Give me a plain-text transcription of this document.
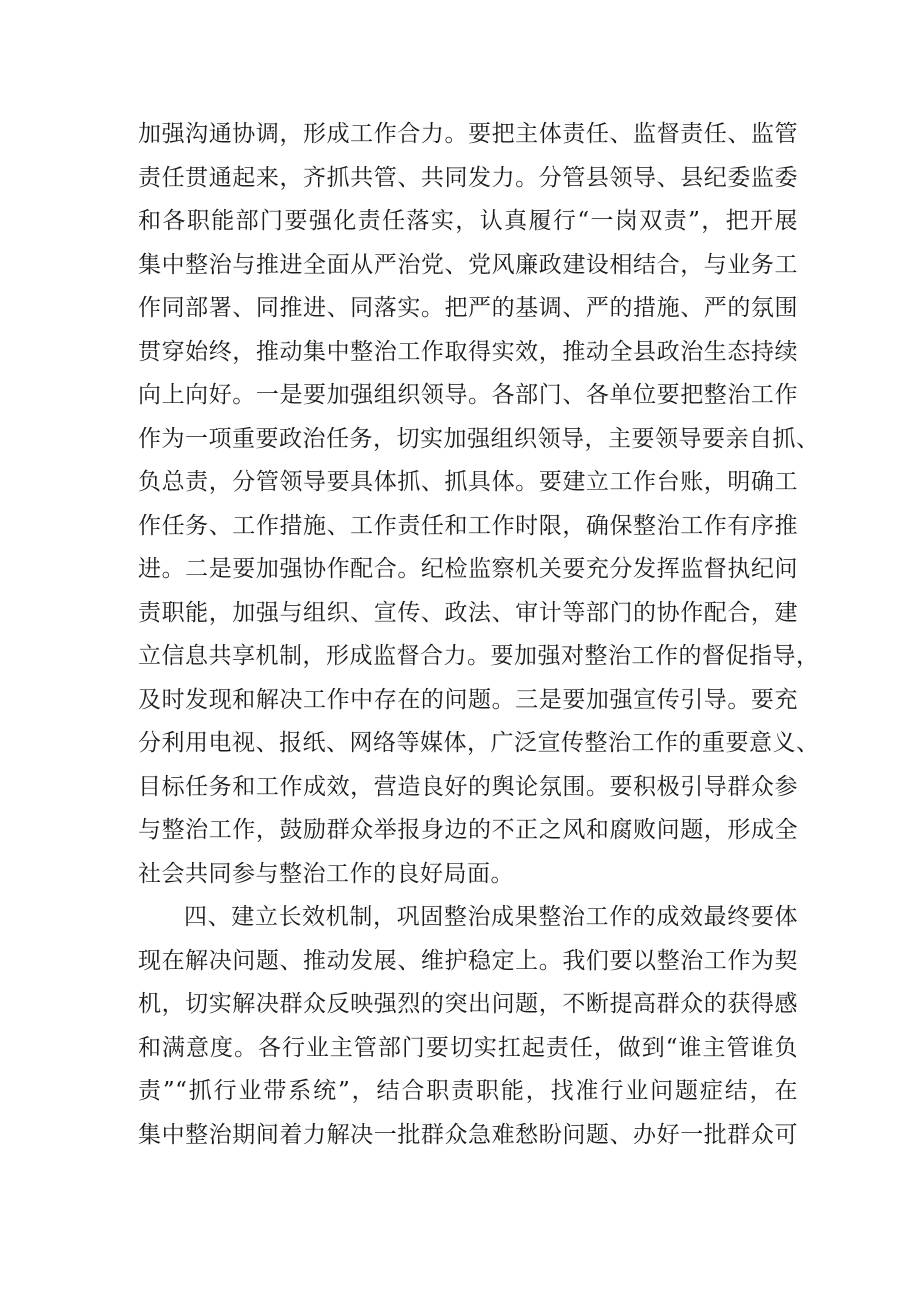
加强沟通协调，形成工作合力。要把主体责任、监督责任、监管
责任贯通起来，齐抓共管、共同发力。分管县领导、县纪委监委
和各职能部门要强化责任落实，认真履行“一岗双责”，把开展
集中整治与推进全面从严治党、党风廉政建设相结合，与业务工
作同部署、同推进、同落实。把严的基调、严的措施、严的氛围
贯穿始终，推动集中整治工作取得实效，推动全县政治生态持续
向上向好。一是要加强组织领导。各部门、各单位要把整治工作
作为一项重要政治任务，切实加强组织领导，主要领导要亲自抓、
负总责，分管领导要具体抓、抓具体。要建立工作台账，明确工
作任务、工作措施、工作责任和工作时限，确保整治工作有序推
进。二是要加强协作配合。纪检监察机关要充分发挥监督执纪问
责职能，加强与组织、宣传、政法、审计等部门的协作配合，建
立信息共享机制，形成监督合力。要加强对整治工作的督促指导，
及时发现和解决工作中存在的问题。三是要加强宣传引导。要充
分利用电视、报纸、网络等媒体，广泛宣传整治工作的重要意义、
目标任务和工作成效，营造良好的舆论氛围。要积极引导群众参
与整治工作，鼓励群众举报身边的不正之风和腐败问题，形成全
社会共同参与整治工作的良好局面。
四、建立长效机制，巩固整治成果整治工作的成效最终要体
现在解决问题、推动发展、维护稳定上。我们要以整治工作为契
机，切实解决群众反映强烈的突出问题，不断提高群众的获得感
和满意度。各行业主管部门要切实扛起责任，做到“谁主管谁负
责”“抓行业带系统”，结合职责职能，找准行业问题症结，在
集中整治期间着力解决一批群众急难愁盼问题、办好一批群众可
